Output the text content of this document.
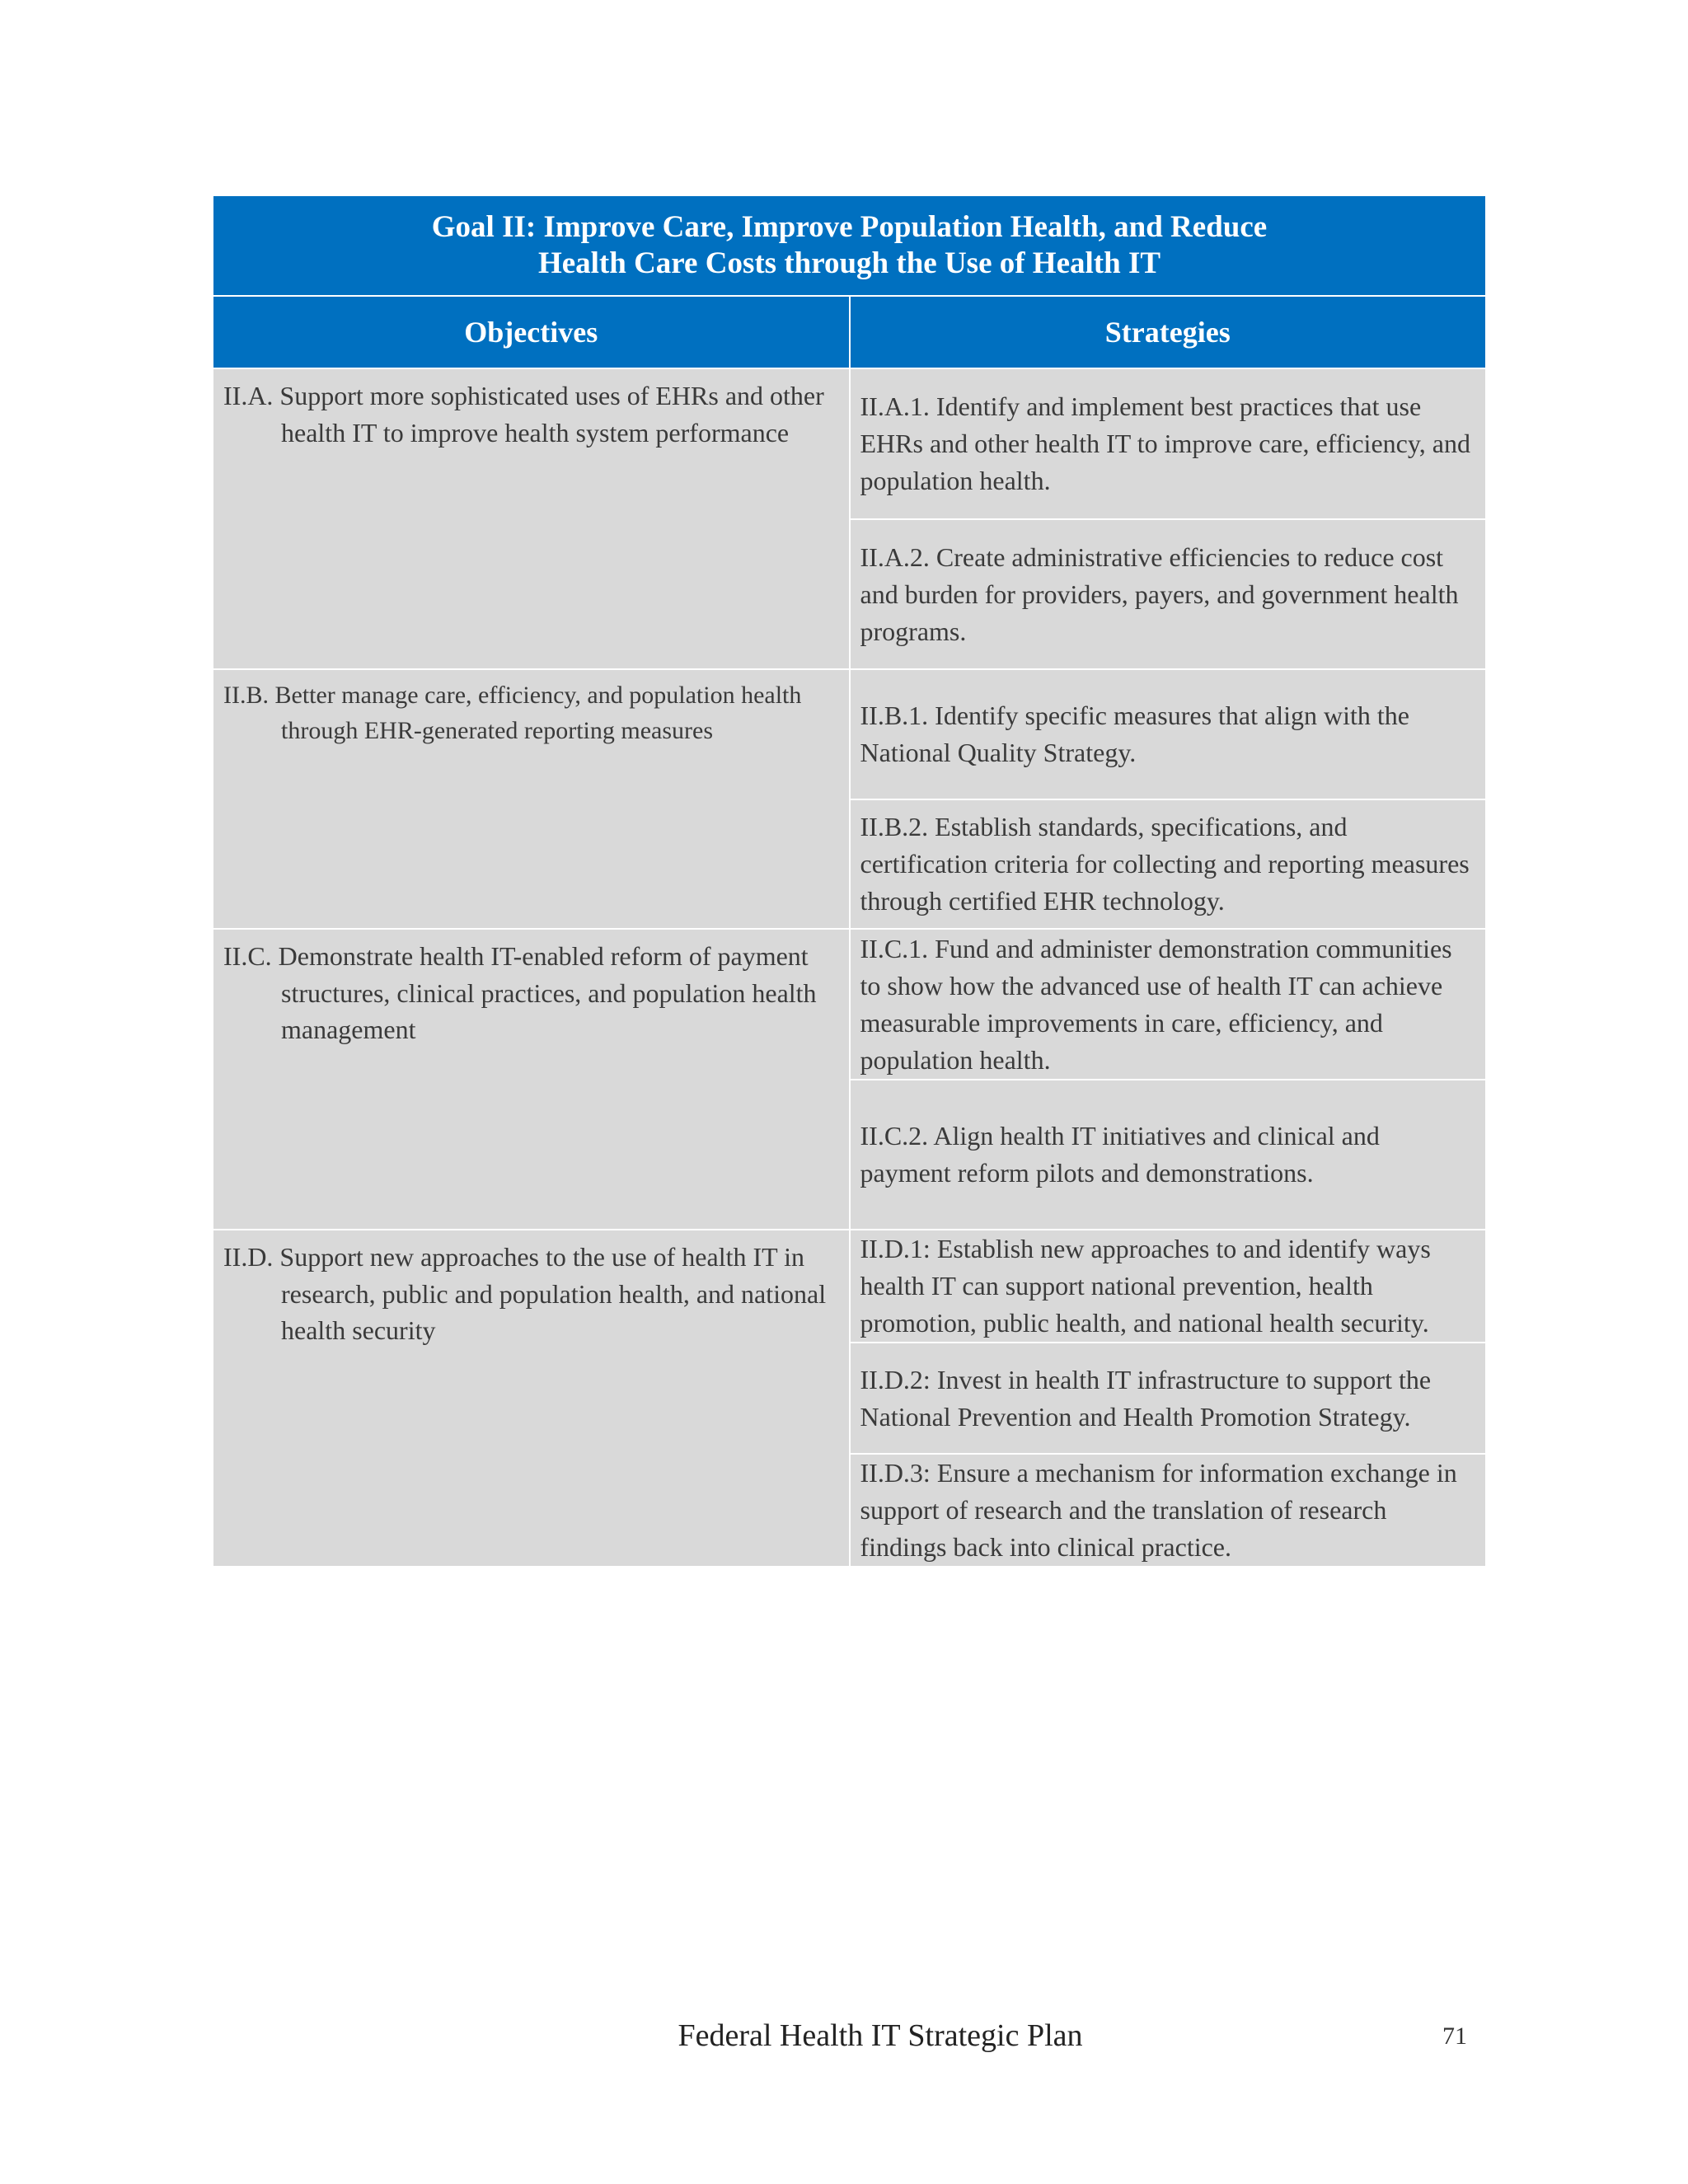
Goal II: Improve Care, Improve Population Health, and Reduce
Health Care Costs through the Use of Health IT	

Objectives	Strategies

II.A. Support more sophisticated uses of EHRs and other health IT to improve health system performance	II.A.1. Identify and implement best practices that use EHRs and other health IT to improve care, efficiency, and population health.
	II.A.2. Create administrative efficiencies to reduce cost and burden for providers, payers, and government health programs.

II.B. Better manage care, efficiency, and population health through EHR-generated reporting measures	II.B.1. Identify specific measures that align with the National Quality Strategy.
	II.B.2. Establish standards, specifications, and certification criteria for collecting and reporting measures through certified EHR technology.

II.C. Demonstrate health IT-enabled reform of payment structures, clinical practices, and population health management	II.C.1. Fund and administer demonstration communities to show how the advanced use of health IT can achieve measurable improvements in care, efficiency, and population health.
	II.C.2. Align health IT initiatives and clinical and payment reform pilots and demonstrations.

II.D. Support new approaches to the use of health IT in research, public and population health, and national health security	II.D.1: Establish new approaches to and identify ways health IT can support national prevention, health promotion, public health, and national health security.
	II.D.2: Invest in health IT infrastructure to support the National Prevention and Health Promotion Strategy.
	II.D.3: Ensure a mechanism for information exchange in support of research and the translation of research findings back into clinical practice.
Federal Health IT Strategic Plan	71
